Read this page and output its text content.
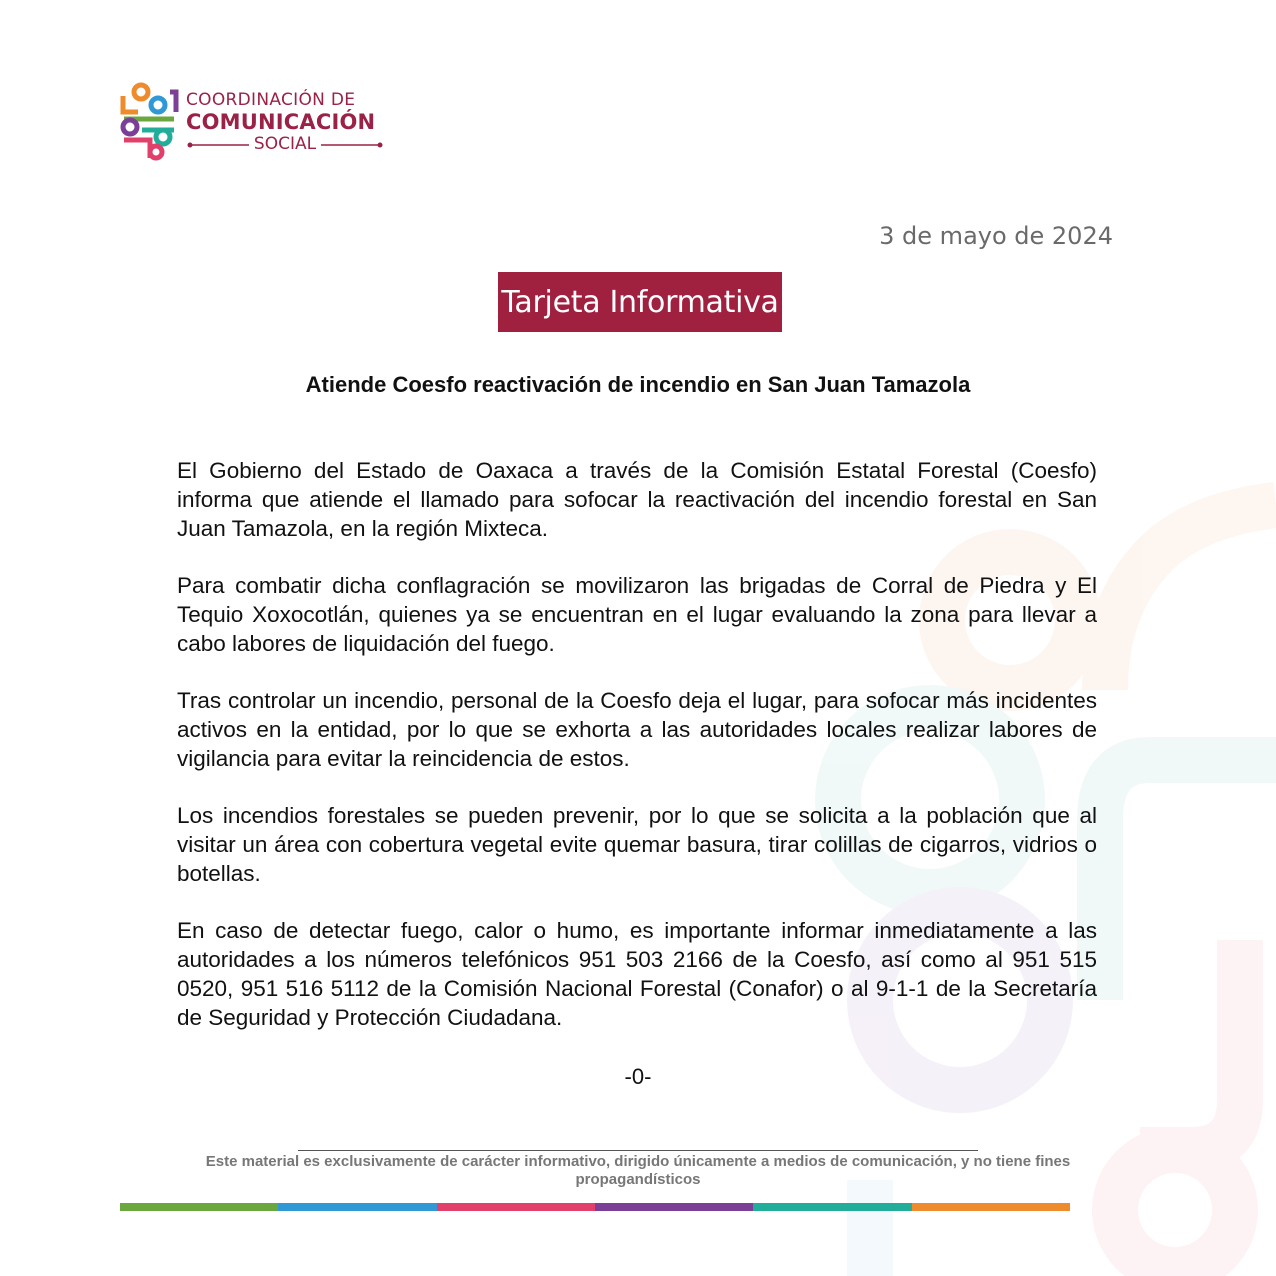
COORDINACIÓN DE
COMUNICACIÓN
SOCIAL
3 de mayo de 2024
Tarjeta Informativa
Atiende Coesfo reactivación de incendio en San Juan Tamazola

El Gobierno del Estado de Oaxaca a través de la Comisión Estatal Forestal (Coesfo) informa que atiende el llamado para sofocar la reactivación del incendio forestal en San Juan Tamazola, en la región Mixteca.

Para combatir dicha conflagración se movilizaron las brigadas de Corral de Piedra y El Tequio Xoxocotlán, quienes ya se encuentran en el lugar evaluando la zona para llevar a cabo labores de liquidación del fuego.

Tras controlar un incendio, personal de la Coesfo deja el lugar, para sofocar más incidentes activos en la entidad, por lo que se exhorta a las autoridades locales realizar labores de vigilancia para evitar la reincidencia de estos.

Los incendios forestales se pueden prevenir, por lo que se solicita a la población que al visitar un área con cobertura vegetal evite quemar basura, tirar colillas de cigarros, vidrios o botellas.

En caso de detectar fuego, calor o humo, es importante informar inmediatamente a las autoridades a los números telefónicos 951 503 2166 de la Coesfo, así como al 951 515 0520, 951 516 5112 de la Comisión Nacional Forestal (Conafor) o al 9-1-1 de la Secretaría de Seguridad y Protección Ciudadana.

-0-
Este material es exclusivamente de carácter informativo, dirigido únicamente a medios de comunicación, y no tiene fines propagandísticos
